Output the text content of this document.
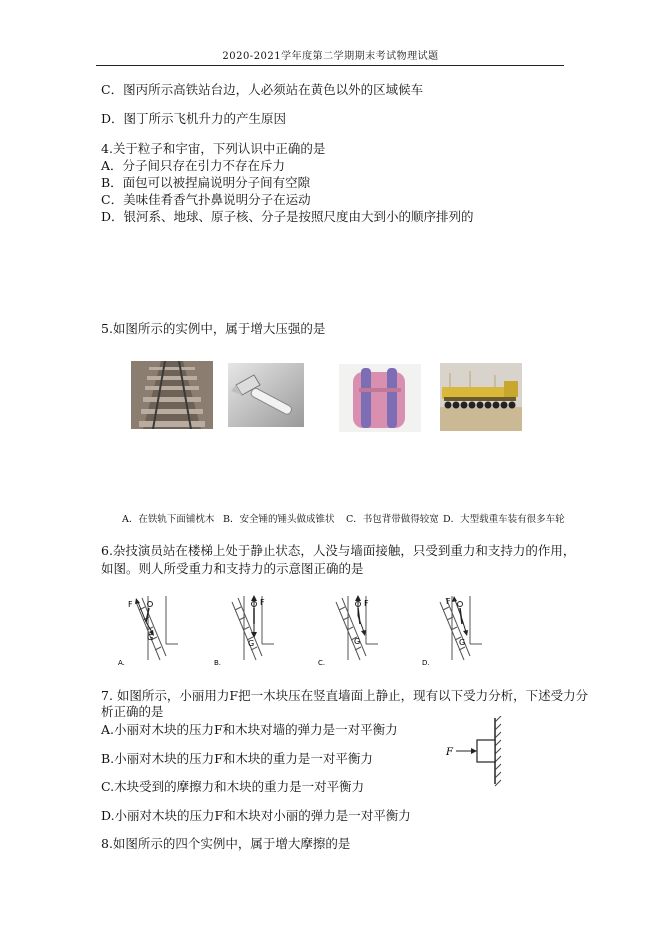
2020-2021学年度第二学期期末考试物理试题
C．图丙所示高铁站台边，人必须站在黄色以外的区域候车
D．图丁所示飞机升力的产生原因
4.关于粒子和宇宙，下列认识中正确的是
A．分子间只存在引力不存在斥力
B．面包可以被捏扁说明分子间有空隙
C．美味佳肴香气扑鼻说明分子在运动
D．银河系、地球、原子核、分子是按照尺度由大到小的顺序排列的
5.如图所示的实例中，属于增大压强的是
A．在铁轨下面铺枕木 B．安全锤的锤头做成锥状 C．书包背带做得较宽 D．大型载重车装有很多车轮
6.杂技演员站在楼梯上处于静止状态，人没与墙面接触，只受到重力和支持力的作用，
如图。则人所受重力和支持力的示意图正确的是
F
G
A.
F
G
B.
F
G
C.
F
G
D.
7. 如图所示，小丽用力F把一木块压在竖直墙面上静止，现有以下受力分析，下述受力分
析正确的是
A.小丽对木块的压力F和木块对墙的弹力是一对平衡力
B.小丽对木块的压力F和木块的重力是一对平衡力
C.木块受到的摩擦力和木块的重力是一对平衡力
D.小丽对木块的压力F和木块对小丽的弹力是一对平衡力
F
8.如图所示的四个实例中，属于增大摩擦的是
